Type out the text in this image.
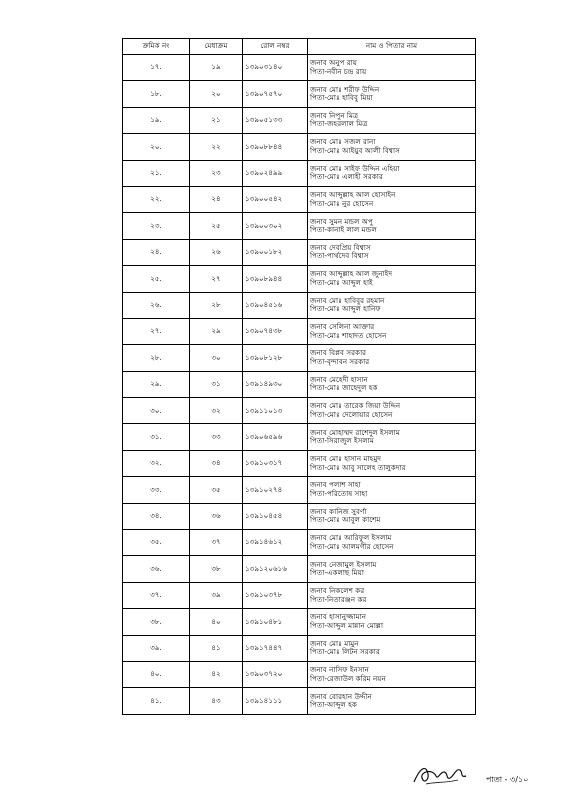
ক্রমিক নং	মেধাক্রম	রোল নম্বর	নাম ও পিতার নাম
১৭.	১৯	১৩৯০৩১৪০	জনাব অনুপ রায়
পিতা-নবীন চন্দ্র রায়

১৮.	২০	১৩৯০৭৫৭০	জনাব মোঃ শরীফ উদ্দিন
পিতা-মোঃ হাবিবু মিয়া

১৯.	২১	১৩৯০৫১৩৩	জনাব নিপুন মিত্র
পিতা-জহরলাল মিত্র

২০.	২২	১৩৯০৮৮৪৪	জনাব মোঃ সজল রানা
পিতা-মোঃ আইয়ুব আলী বিশ্বাস

২১.	২৩	১৩৯০২৪৯৯	জনাব মোঃ সাইফ উদ্দিন এহিয়া
পিতা-মোঃ এলাহী সরকার

২২.	২৪	১৩৯০০৫৪২	জনাব আব্দুল্লাহ আল হোসাইন
পিতা-মোঃ নুর হোসেন

২৩.	২৫	১৩৯০০৩০২	জনাব সুমন মন্ডল অপু
পিতা-কানাই লাল মন্ডল

২৪.	২৬	১৩৯০০১৮২	জনাব দেবপ্রিয় বিশ্বাস
পিতা-পার্থদেব বিশ্বাস

২৫.	২৭	১৩৯০৮৯৪৪	জনাব আব্দুল্লাহ আল জুনাইদ
পিতা-মোঃ আব্দুল হাই

২৬.	২৮	১৩৯০৪৫১৬	জনাব মোঃ হাবিবুর রহমান
পিতা-মোঃ আব্দুল হানিফ

২৭.	২৯	১৩৯০৭৪৩৮	জনাব সেলিনা আক্তার
পিতা-মোঃ শাহাদত হোসেন

২৮.	৩০	১৩৯০৮১২৮	জনাব বিপ্লব সরকার
পিতা-বৃন্দাবন সরকার

২৯.	৩১	১৩৯১৪৯৩০	জনাব মেহেদী হাসান
পিতা-মোঃ জাহেদুল হক

৩০.	৩২	১৩৯১১০১৩	জনাব মোঃ তারেক জিয়া উদ্দিন
পিতা-মোঃ দেলোয়ার হোসেন

৩১.	৩৩	১৩৯০৬৫৯৬	জনাব মোহাম্মদ রাশেদুল ইসলাম
পিতা-সিরাজুল ইসলাম

৩২.	৩৪	১৩৯১০৩১৭	জনাব মোঃ হাসান মাহমুদ
পিতা-মোঃ আবু সালেহ তালুকদার

৩৩.	৩৫	১৩৯১০২৭৪	জনাব পলাশ সাহা
পিতা-পরিতোষ সাহা

৩৪.	৩৬	১৩৯১০৪৫৪	জনাব কানিজ সুবর্ণা
পিতা-মোঃ আবুল কাশেম

৩৫.	৩৭	১৩৯১৪৬১২	জনাব মোঃ আরিফুল ইসলাম
পিতা-মোঃ আলমগীর হোসেন

৩৬.	৩৮	১৩৯১২০৬১৬	জনাব নেজামুল ইসলাম
পিতা-একলাছ মিয়া

৩৭.	৩৯	১৩৯১০৩৭৮	জনাব নিকলেশ কর
পিতা-নিতারঞ্জন কর

৩৮.	৪০	১৩৯১০৪৮১	জনাব হাসানুজ্জামান
পিতা-আব্দুল মান্নান মোল্লা

৩৯.	৪১	১৩৯১৭৪৪৭	জনাব মোঃ মামুন
পিতা-মোঃ লিটন সরকার

৪০.	৪২	১৩৯০৩৭২০	জনাব নাসিফ ইনসান
পিতা-রেজাউল করিম নয়ন

৪১.	৪৩	১৩৯১৪১১১	জনাব বোরহান উদ্দীন
পিতা-আব্দুল হক
পাতা - ৩/১০
